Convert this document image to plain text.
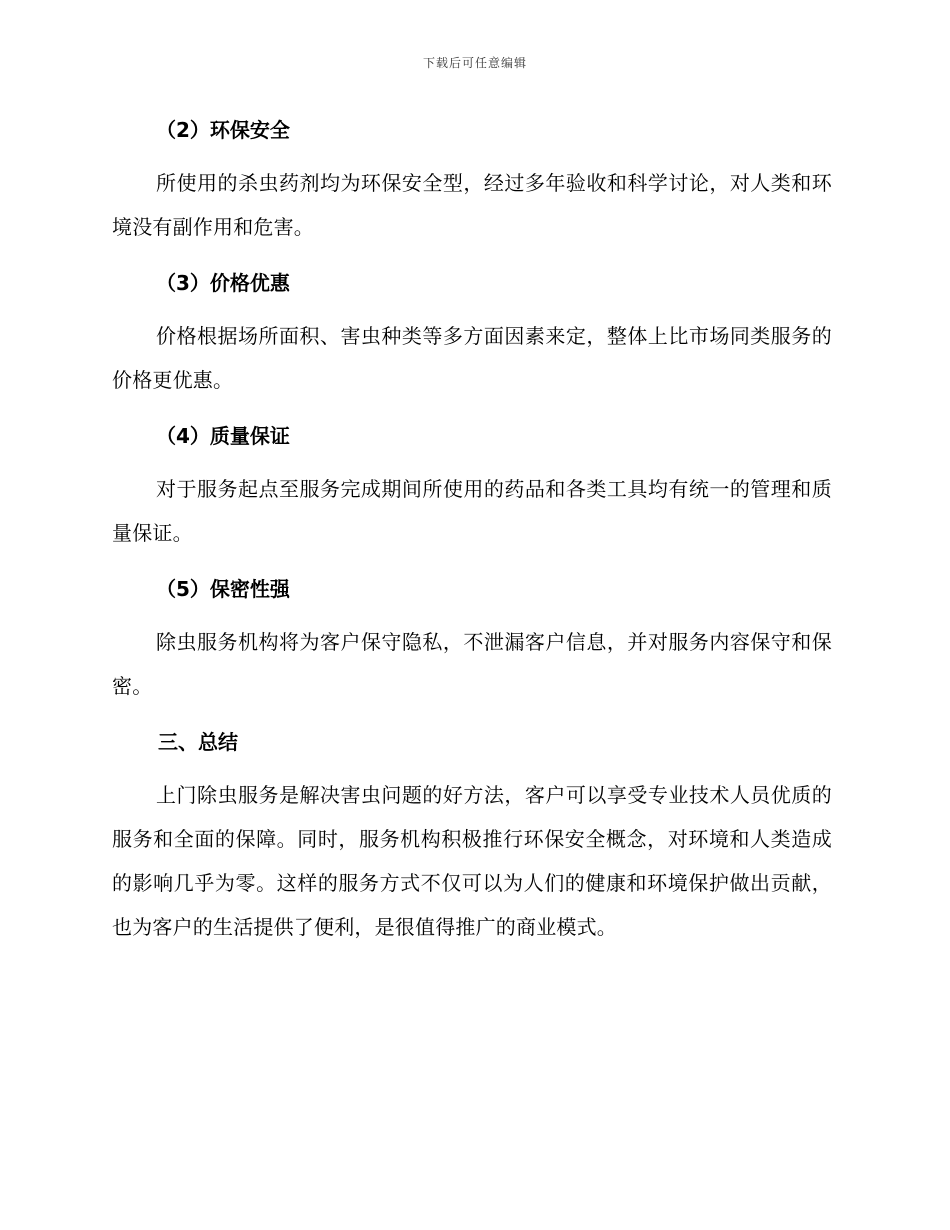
下载后可任意编辑
（2）环保安全

所使用的杀虫药剂均为环保安全型，经过多年验收和科学讨论，对人类和环境没有副作用和危害。

（3）价格优惠

价格根据场所面积、害虫种类等多方面因素来定，整体上比市场同类服务的价格更优惠。

（4）质量保证

对于服务起点至服务完成期间所使用的药品和各类工具均有统一的管理和质量保证。

（5）保密性强

除虫服务机构将为客户保守隐私，不泄漏客户信息，并对服务内容保守和保密。

三、总结

上门除虫服务是解决害虫问题的好方法，客户可以享受专业技术人员优质的服务和全面的保障。同时，服务机构积极推行环保安全概念，对环境和人类造成的影响几乎为零。这样的服务方式不仅可以为人们的健康和环境保护做出贡献，也为客户的生活提供了便利，是很值得推广的商业模式。
